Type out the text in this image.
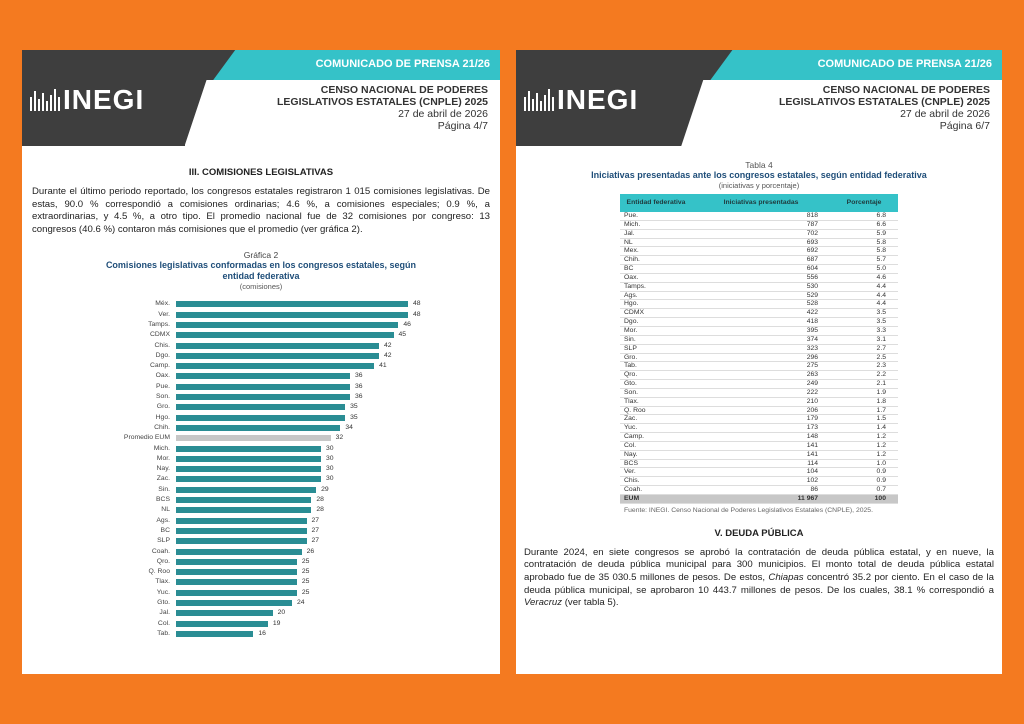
COMUNICADO DE PRENSA 21/26
INEGI	CENSO NACIONAL DE PODERES
LEGISLATIVOS ESTATALES (CNPLE) 2025
27 de abril de 2026
Página 4/7
III. COMISIONES LEGISLATIVAS
Durante el último periodo reportado, los congresos estatales registraron 1 015 comisiones legislativas. De estas, 90.0 % correspondió a comisiones ordinarias; 4.6 %, a comisiones especiales; 0.9 %, a extraordinarias, y 4.5 %, a otro tipo. El promedio nacional fue de 32 comisiones por congreso: 13 congresos (40.6 %) contaron más comisiones que el promedio (ver gráfica 2).
Gráfica 2
Comisiones legislativas conformadas en los congresos estatales, según entidad federativa
(comisiones)
Méx.	48
Ver.	48
Tamps.	46
CDMX	45
Chis.	42
Dgo.	42
Camp.	41
Oax.	36
Pue.	36
Son.	36
Gro.	35
Hgo.	35
Chih.	34
Promedio EUM	32
Mich.	30
Mor.	30
Nay.	30
Zac.	30
Sin.	29
BCS	28
NL	28
Ags.	27
BC	27
SLP	27
Coah.	26
Qro.	25
Q. Roo	25
Tlax.	25
Yuc.	25
Gto.	24
Jal.	20
Col.	19
Tab.	16
COMUNICADO DE PRENSA 21/26
INEGI	CENSO NACIONAL DE PODERES
LEGISLATIVOS ESTATALES (CNPLE) 2025
27 de abril de 2026
Página 6/7
Tabla 4
Iniciativas presentadas ante los congresos estatales, según entidad federativa
(iniciativas y porcentaje)
Entidad federativa	Iniciativas presentadas	Porcentaje
Pue.	818	6.8
Mich.	787	6.6
Jal.	702	5.9
NL	693	5.8
Mex.	692	5.8
Chih.	687	5.7
BC	604	5.0
Oax.	556	4.6
Tamps.	530	4.4
Ags.	529	4.4
Hgo.	528	4.4
CDMX	422	3.5
Dgo.	418	3.5
Mor.	395	3.3
Sin.	374	3.1
SLP	323	2.7
Gro.	296	2.5
Tab.	275	2.3
Qro.	263	2.2
Gto.	249	2.1
Son.	222	1.9
Tlax.	210	1.8
Q. Roo	206	1.7
Zac.	179	1.5
Yuc.	173	1.4
Camp.	148	1.2
Col.	141	1.2
Nay.	141	1.2
BCS	114	1.0
Ver.	104	0.9
Chis.	102	0.9
Coah.	86	0.7
EUM	11 967	100
Fuente: INEGI. Censo Nacional de Poderes Legislativos Estatales (CNPLE), 2025.
V. DEUDA PÚBLICA
Durante 2024, en siete congresos se aprobó la contratación de deuda pública estatal, y en nueve, la contratación de deuda pública municipal para 300 municipios. El monto total de deuda pública estatal aprobado fue de 35 030.5 millones de pesos. De estos, Chiapas concentró 35.2 por ciento. En el caso de la deuda pública municipal, se aprobaron 10 443.7 millones de pesos. De los cuales, 38.1 % correspondió a Veracruz (ver tabla 5).
